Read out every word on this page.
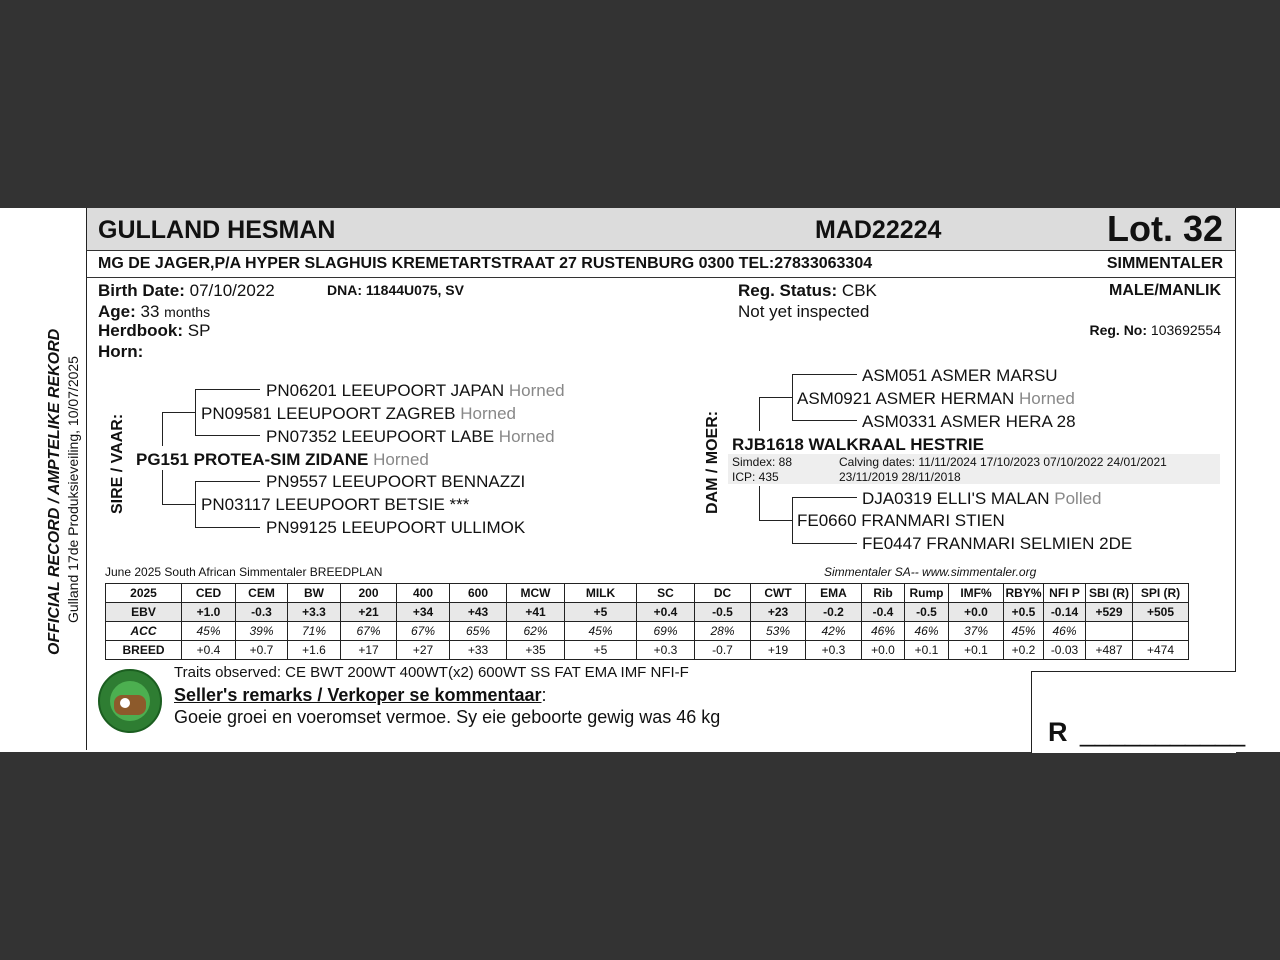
GULLAND HESMAN	MAD22224	Lot. 32
MG DE JAGER,P/A HYPER SLAGHUIS KREMETARTSTRAAT 27 RUSTENBURG 0300 TEL:27833063304	SIMMENTALER
OFFICIAL RECORD / AMPTELIKE REKORD Gulland 17de Produksieveiling, 10/07/2025
Birth Date: 07/10/2022	DNA: 11844U075, SV
Age: 33 months
Herdbook: SP
Horn:
Reg. Status: CBK
Not yet inspected
MALE/MANLIK
Reg. No: 103692554
SIRE / VAAR:
PN06201 LEEUPOORT JAPAN Horned
PN09581 LEEUPOORT ZAGREB Horned
PN07352 LEEUPOORT LABE Horned
PG151 PROTEA-SIM ZIDANE Horned
PN9557 LEEUPOORT BENNAZZI
PN03117 LEEUPOORT BETSIE ***
PN99125 LEEUPOORT ULLIMOK
DAM / MOER:
ASM051 ASMER MARSU
ASM0921 ASMER HERMAN Horned
ASM0331 ASMER HERA 28
RJB1618 WALKRAAL HESTRIE
Simdex: 88
ICP: 435
Calving dates: 11/11/2024 17/10/2023 07/10/2022 24/01/2021
23/11/2019 28/11/2018
DJA0319 ELLI'S MALAN Polled
FE0660 FRANMARI STIEN
FE0447 FRANMARI SELMIEN 2DE
June 2025 South African Simmentaler BREEDPLAN	Simmentaler SA-- www.simmentaler.org
2025	CED	CEM	BW	200	400	600	MCW	MILK	SC	DC	CWT	EMA	Rib	Rump	IMF%	RBY%	NFI P	SBI (R)	SPI (R)
EBV	+1.0	-0.3	+3.3	+21	+34	+43	+41	+5	+0.4	-0.5	+23	-0.2	-0.4	-0.5	+0.0	+0.5	-0.14	+529	+505
ACC	45%	39%	71%	67%	67%	65%	62%	45%	69%	28%	53%	42%	46%	46%	37%	45%	46%		
BREED	+0.4	+0.7	+1.6	+17	+27	+33	+35	+5	+0.3	-0.7	+19	+0.3	+0.0	+0.1	+0.1	+0.2	-0.03	+487	+474
Traits observed: CE BWT 200WT 400WT(x2) 600WT SS FAT EMA IMF NFI-F
Seller's remarks / Verkoper se kommentaar:
Goeie groei en voeromset vermoe. Sy eie geboorte gewig was 46 kg	R ___________
